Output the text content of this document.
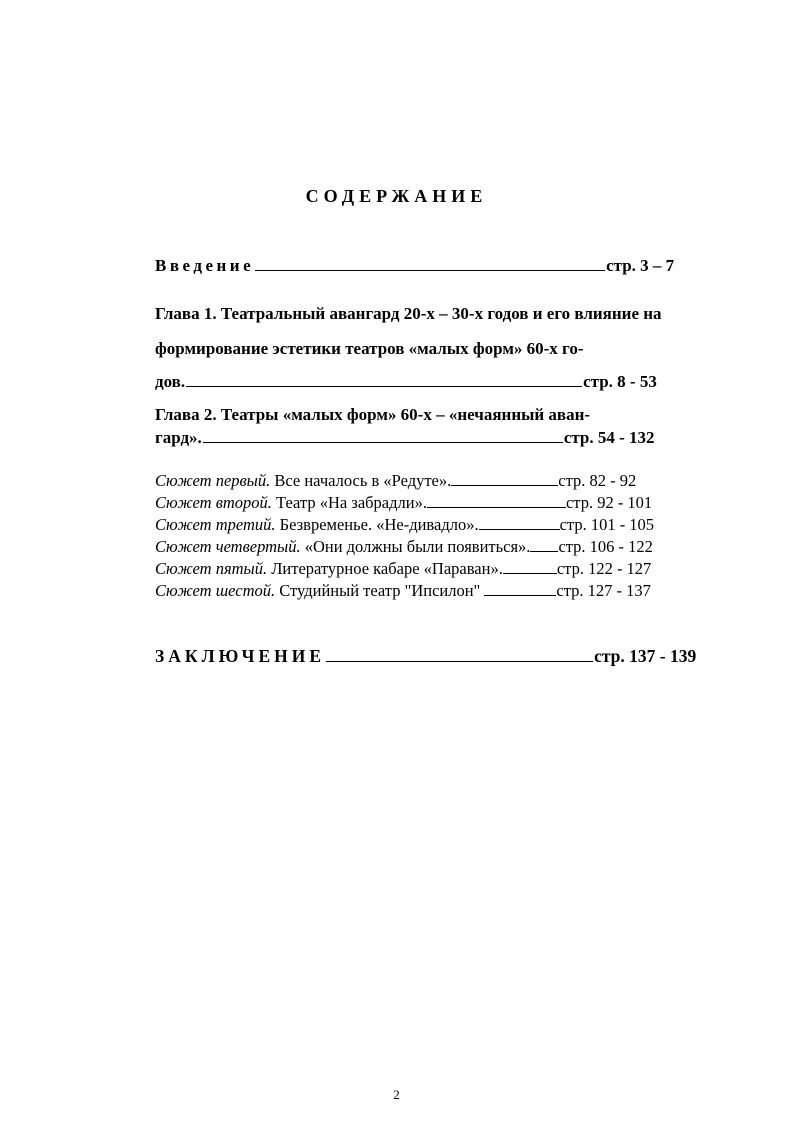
СОДЕРЖАНИЕ
Введение	стр. 3 – 7
Глава 1. Театральный авангард 20-х – 30-х годов и его влияние на
формирование эстетики театров «малых форм» 60-х го-
дов.	стр. 8 - 53
Глава 2. Театры «малых форм» 60-х – «нечаянный аван-
гард».	стр. 54 - 132
Сюжет первый. Все началось в «Редуте».	стр. 82 - 92
Сюжет второй. Театр «На забрадли».	стр. 92 - 101
Сюжет третий. Безвременье. «Не-дивадло».	стр. 101 - 105
Сюжет четвертый. «Они должны были появиться». стр. 106 - 122
Сюжет пятый. Литературное кабаре «Параван».	стр. 122 - 127
Сюжет шестой. Студийный театр "Ипсилон"	стр. 127 - 137
ЗАКЛЮЧЕНИЕ	стр. 137 - 139
2
